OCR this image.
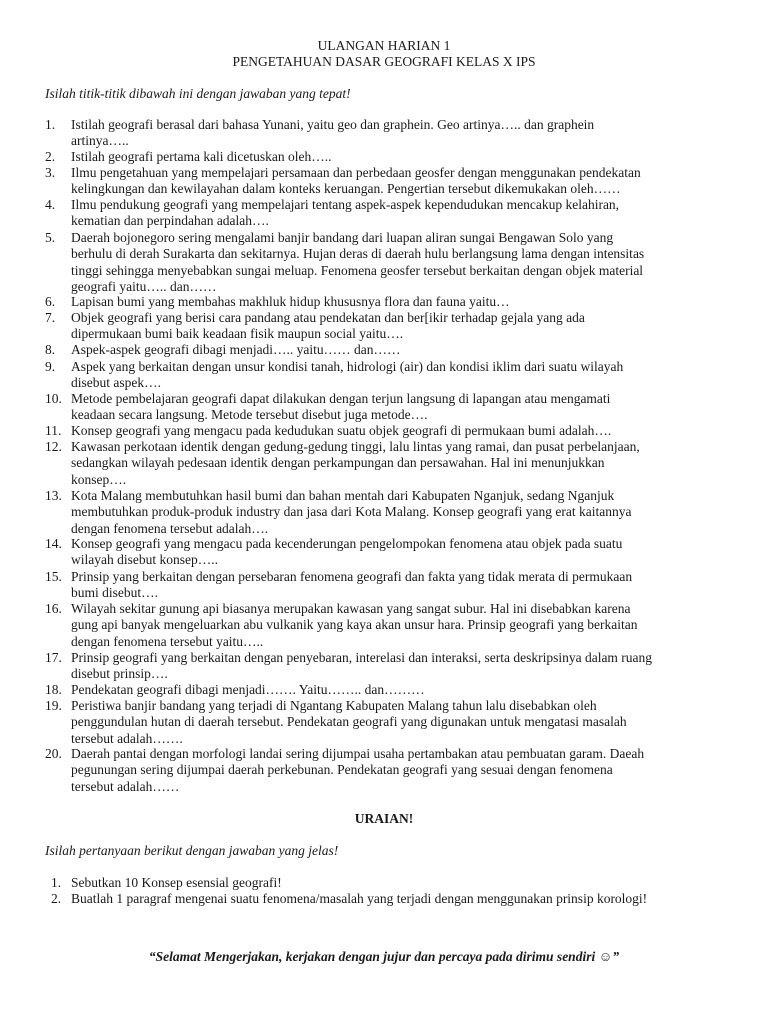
ULANGAN HARIAN 1
PENGETAHUAN DASAR GEOGRAFI KELAS X IPS
Isilah titik-titik dibawah ini dengan jawaban yang tepat!
1. Istilah geografi berasal dari bahasa Yunani, yaitu geo dan graphein. Geo artinya….. dan graphein
artinya…..
2. Istilah geografi pertama kali dicetuskan oleh…..
3. Ilmu pengetahuan yang mempelajari persamaan dan perbedaan geosfer dengan menggunakan pendekatan
kelingkungan dan kewilayahan dalam konteks keruangan. Pengertian tersebut dikemukakan oleh……
4. Ilmu pendukung geografi yang mempelajari tentang aspek-aspek kependudukan mencakup kelahiran,
kematian dan perpindahan adalah….
5. Daerah bojonegoro sering mengalami banjir bandang dari luapan aliran sungai Bengawan Solo yang
berhulu di derah Surakarta dan sekitarnya. Hujan deras di daerah hulu berlangsung lama dengan intensitas
tinggi sehingga menyebabkan sungai meluap. Fenomena geosfer tersebut berkaitan dengan objek material
geografi yaitu….. dan……
6. Lapisan bumi yang membahas makhluk hidup khususnya flora dan fauna yaitu…
7. Objek geografi yang berisi cara pandang atau pendekatan dan ber[ikir terhadap gejala yang ada
dipermukaan bumi baik keadaan fisik maupun social yaitu….
8. Aspek-aspek geografi dibagi menjadi….. yaitu…… dan……
9. Aspek yang berkaitan dengan unsur kondisi tanah, hidrologi (air) dan kondisi iklim dari suatu wilayah
disebut aspek….
10. Metode pembelajaran geografi dapat dilakukan dengan terjun langsung di lapangan atau mengamati
keadaan secara langsung. Metode tersebut disebut juga metode….
11. Konsep geografi yang mengacu pada kedudukan suatu objek geografi di permukaan bumi adalah….
12. Kawasan perkotaan identik dengan gedung-gedung tinggi, lalu lintas yang ramai, dan pusat perbelanjaan,
sedangkan wilayah pedesaan identik dengan perkampungan dan persawahan. Hal ini menunjukkan
konsep….
13. Kota Malang membutuhkan hasil bumi dan bahan mentah dari Kabupaten Nganjuk, sedang Nganjuk
membutuhkan produk-produk industry dan jasa dari Kota Malang. Konsep geografi yang erat kaitannya
dengan fenomena tersebut adalah….
14. Konsep geografi yang mengacu pada kecenderungan pengelompokan fenomena atau objek pada suatu
wilayah disebut konsep…..
15. Prinsip yang berkaitan dengan persebaran fenomena geografi dan fakta yang tidak merata di permukaan
bumi disebut….
16. Wilayah sekitar gunung api biasanya merupakan kawasan yang sangat subur. Hal ini disebabkan karena
gung api banyak mengeluarkan abu vulkanik yang kaya akan unsur hara. Prinsip geografi yang berkaitan
dengan fenomena tersebut yaitu…..
17. Prinsip geografi yang berkaitan dengan penyebaran, interelasi dan interaksi, serta deskripsinya dalam ruang
disebut prinsip….
18. Pendekatan geografi dibagi menjadi……. Yaitu…….. dan………
19. Peristiwa banjir bandang yang terjadi di Ngantang Kabupaten Malang tahun lalu disebabkan oleh
penggundulan hutan di daerah tersebut. Pendekatan geografi yang digunakan untuk mengatasi masalah
tersebut adalah…….
20. Daerah pantai dengan morfologi landai sering dijumpai usaha pertambakan atau pembuatan garam. Daeah
pegunungan sering dijumpai daerah perkebunan. Pendekatan geografi yang sesuai dengan fenomena
tersebut adalah……
URAIAN!
Isilah pertanyaan berikut dengan jawaban yang jelas!
1. Sebutkan 10 Konsep esensial geografi!
2. Buatlah 1 paragraf mengenai suatu fenomena/masalah yang terjadi dengan menggunakan prinsip korologi!
“Selamat Mengerjakan, kerjakan dengan jujur dan percaya pada dirimu sendiri ☺”
